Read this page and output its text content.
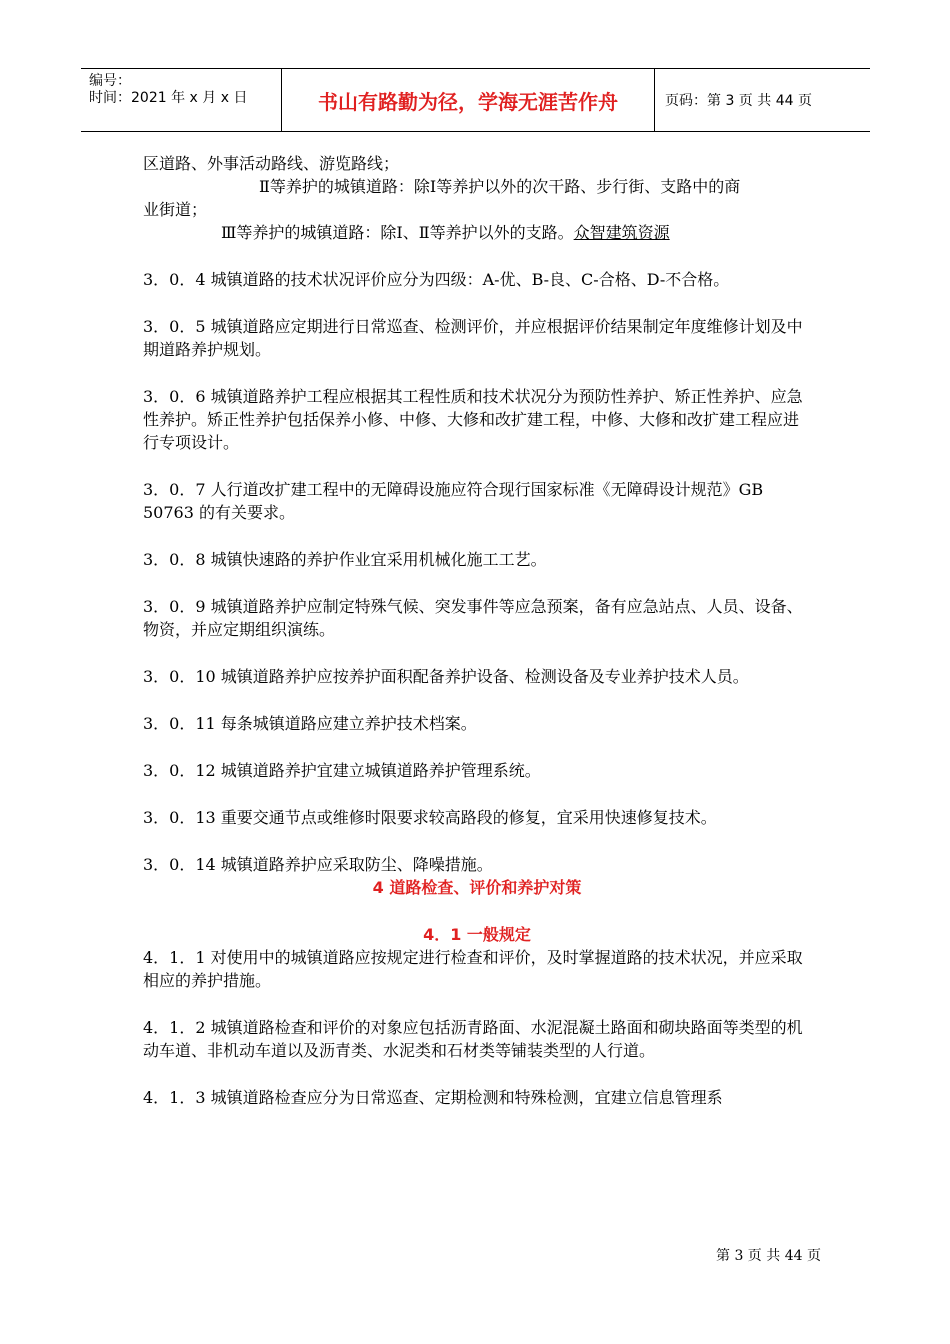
编号：
时间：2021 年 x 月 x 日	书山有路勤为径，学海无涯苦作舟	页码：第 3 页 共 44 页

区道路、外事活动路线、游览路线；

Ⅱ等养护的城镇道路：除Ⅰ等养护以外的次干路、步行街、支路中的商

业街道；

Ⅲ等养护的城镇道路：除Ⅰ、Ⅱ等养护以外的支路。众智建筑资源

3．0．4 城镇道路的技术状况评价应分为四级：A-优、B-良、C-合格、D-不合格。

3．0．5 城镇道路应定期进行日常巡查、检测评价，并应根据评价结果制定年度维修计划及中期道路养护规划。

3．0．6 城镇道路养护工程应根据其工程性质和技术状况分为预防性养护、矫正性养护、应急性养护。矫正性养护包括保养小修、中修、大修和改扩建工程，中修、大修和改扩建工程应进行专项设计。

3．0．7 人行道改扩建工程中的无障碍设施应符合现行国家标准《无障碍设计规范》GB 50763 的有关要求。

3．0．8 城镇快速路的养护作业宜采用机械化施工工艺。

3．0．9 城镇道路养护应制定特殊气候、突发事件等应急预案，备有应急站点、人员、设备、物资，并应定期组织演练。

3．0．10 城镇道路养护应按养护面积配备养护设备、检测设备及专业养护技术人员。

3．0．11 每条城镇道路应建立养护技术档案。

3．0．12 城镇道路养护宜建立城镇道路养护管理系统。

3．0．13 重要交通节点或维修时限要求较高路段的修复，宜采用快速修复技术。

3．0．14 城镇道路养护应采取防尘、降噪措施。

4 道路检查、评价和养护对策
4．1 一般规定

4．1．1 对使用中的城镇道路应按规定进行检查和评价，及时掌握道路的技术状况，并应采取相应的养护措施。

4．1．2 城镇道路检查和评价的对象应包括沥青路面、水泥混凝土路面和砌块路面等类型的机动车道、非机动车道以及沥青类、水泥类和石材类等铺装类型的人行道。

4．1．3 城镇道路检查应分为日常巡查、定期检测和特殊检测，宜建立信息管理系

第 3 页 共 44 页
